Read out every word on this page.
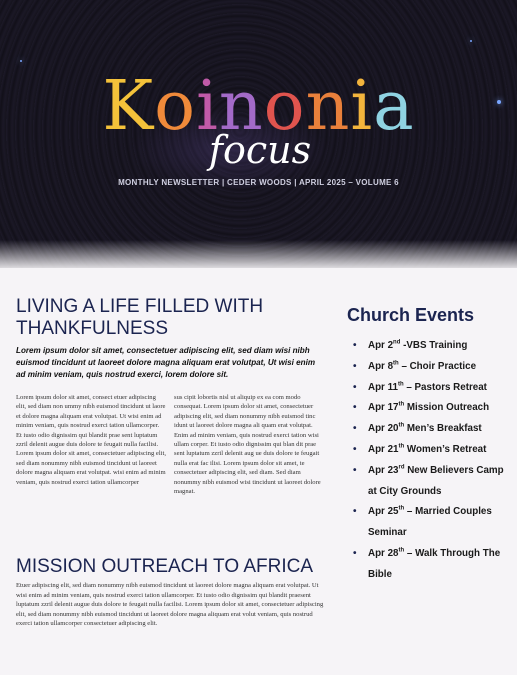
Koinonia
focus
MONTHLY NEWSLETTER | CEDER WOODS | APRIL 2025 – VOLUME 6
LIVING A LIFE FILLED WITH THANKFULNESS

Lorem ipsum dolor sit amet, consectetuer adipiscing elit, sed diam wisi nibh euismod tincidunt ut laoreet dolore magna aliquam erat volutpat, Ut wisi enim ad minim veniam, quis nostrud exerci, lorem dolore sit.

Lorem ipsum dolor sit amet, consect etuer adipiscing elit, sed diam non ummy nibh euismod tincidunt ut laore et dolore magna aliquam erat volutpat. Ut wisi enim ad minim veniam, quis nostrud exerci tation ullamcorper. Et iusto odio dignissim qui blandit prae sent luptatum zzril delenit augue duis dolore te feugait nulla facilisi. Lorem ipsum dolor sit amet, consectetuer adipiscing elit, sed diam nonummy nibh euismod tincidunt ut laoreet dolore magna aliquam erat volutpat. wisi enim ad minim veniam, quis nostrud exerci tation ullamcorper
sus cipit lobortis nisl ut aliquip ex ea com modo consequat. Lorem ipsum dolor sit amet, consectetuer adipiscing elit, sed diam nonummy nibh euismod tinc idunt ut laoreet dolore magna ali quam erat volutpat. Enim ad minim veniam, quis nostrud exerci tation wisi ullam corper. Et iusto odio dignissim qui blan dit prae sent luptatum zzril delenit aug ue duis dolore te feugait nulla erat fac ilisi. Lorem ipsum dolor sit amet, te consectetuer adipiscing elit, sed diam. Sed diam nonummy nibh euismod wisi tincidunt ut laoreet dolore magnat.
MISSION OUTREACH TO AFRICA

Etuer adipiscing elit, sed diam nonummy nibh euismod tincidunt ut laoreet dolore magna aliquam erat volutpat. Ut wisi enim ad minim veniam, quis nostrud exerci tation ullamcorper. Et iusto odio dignissim qui blandit praesent luptatum zzril delenit augue duis dolore te feugait nulla facilisi. Lorem ipsum dolor sit amet, consectetuer adipiscing elit, sed diam nonummy nibh euismod tincidunt ut laoreet dolore magna aliquam erat volut veniam, quis nostrud exerci tation ullamcorper consectetuer adipiscing elit.

Church Events
• Apr 2nd -VBS Training
• Apr 8th – Choir Practice
• Apr 11th – Pastors Retreat
• Apr 17th Mission Outreach
• Apr 20th Men’s Breakfast
• Apr 21th Women’s Retreat
• Apr 23rd New Believers Camp at City Grounds
• Apr 25th – Married Couples Seminar
• Apr 28th – Walk Through The Bible
